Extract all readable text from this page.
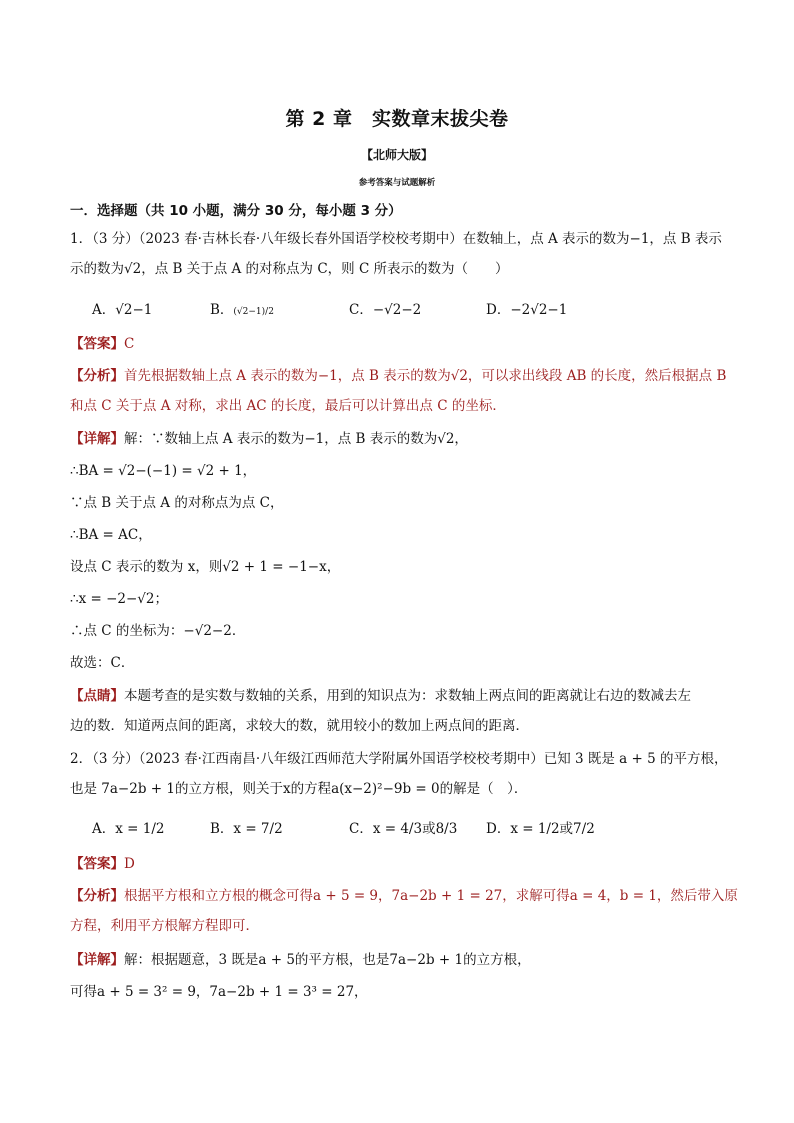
第 2 章　实数章末拔尖卷
【北师大版】
参考答案与试题解析
一．选择题（共 10 小题，满分 30 分，每小题 3 分）
1．（3 分）（2023 春·吉林长春·八年级长春外国语学校校考期中）在数轴上，点 A 表示的数为−1，点 B 表示
示的数为√2，点 B 关于点 A 的对称点为 C，则 C 所表示的数为（　　）
A．√2−1	B．(√2−1)/2	C．−√2−2	D．−2√2−1
【答案】C
【分析】首先根据数轴上点 A 表示的数为−1，点 B 表示的数为√2，可以求出线段 AB 的长度，然后根据点 B
和点 C 关于点 A 对称，求出 AC 的长度，最后可以计算出点 C 的坐标．
【详解】解：∵数轴上点 A 表示的数为−1，点 B 表示的数为√2，
∴BA = √2−(−1) = √2 + 1，
∵点 B 关于点 A 的对称点为点 C，
∴BA = AC，
设点 C 表示的数为 x，则√2 + 1 = −1−x，
∴x = −2−√2；
∴点 C 的坐标为：−√2−2．
故选：C．
【点睛】本题考查的是实数与数轴的关系，用到的知识点为：求数轴上两点间的距离就让右边的数减去左
边的数．知道两点间的距离，求较大的数，就用较小的数加上两点间的距离．
2．（3 分）（2023 春·江西南昌·八年级江西师范大学附属外国语学校校考期中）已知 3 既是 a + 5 的平方根，
也是 7a−2b + 1的立方根，则关于x的方程a(x−2)²−9b = 0的解是（　）．
A．x = 1/2	B．x = 7/2	C．x = 4/3或8/3 D．x = 1/2或7/2
【答案】D
【分析】根据平方根和立方根的概念可得a + 5 = 9，7a−2b + 1 = 27，求解可得a = 4，b = 1，然后带入原
方程，利用平方根解方程即可．
【详解】解：根据题意，3 既是a + 5的平方根，也是7a−2b + 1的立方根，
可得a + 5 = 3² = 9，7a−2b + 1 = 3³ = 27，
